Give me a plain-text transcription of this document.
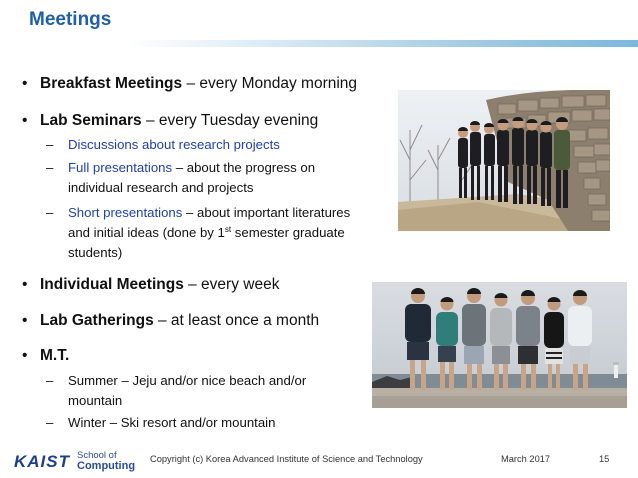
Meetings
• Breakfast Meetings – every Monday morning
• Lab Seminars – every Tuesday evening
– Discussions about research projects
– Full presentations – about the progress on individual research and projects
– Short presentations – about important literatures and initial ideas (done by 1st semester graduate students)
• Individual Meetings – every week
• Lab Gatherings – at least once a month
• M.T.
– Summer – Jeju and/or nice beach and/or mountain
– Winter – Ski resort and/or mountain
KAIST School of
Computing
Copyright (c) Korea Advanced Institute of Science and Technology	March 2017	15
